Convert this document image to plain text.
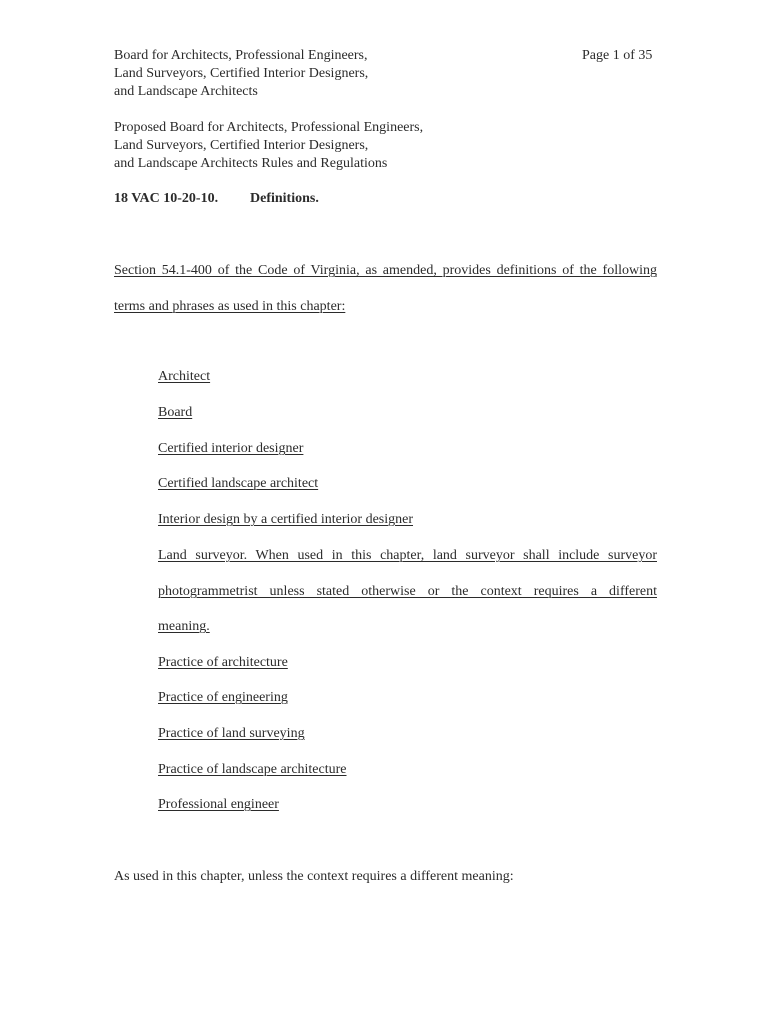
Board for Architects, Professional Engineers,
Land Surveyors, Certified Interior Designers,
and Landscape Architects
Page 1 of 35
Proposed Board for Architects, Professional Engineers,
Land Surveyors, Certified Interior Designers,
and Landscape Architects Rules and Regulations
18 VAC 10-20-10. Definitions.
Section 54.1-400 of the Code of Virginia, as amended, provides definitions of the following
terms and phrases as used in this chapter:
Architect
Board
Certified interior designer
Certified landscape architect
Interior design by a certified interior designer
Land surveyor. When used in this chapter, land surveyor shall include surveyor
photogrammetrist unless stated otherwise or the context requires a different
meaning.
Practice of architecture
Practice of engineering
Practice of land surveying
Practice of landscape architecture
Professional engineer
As used in this chapter, unless the context requires a different meaning:
